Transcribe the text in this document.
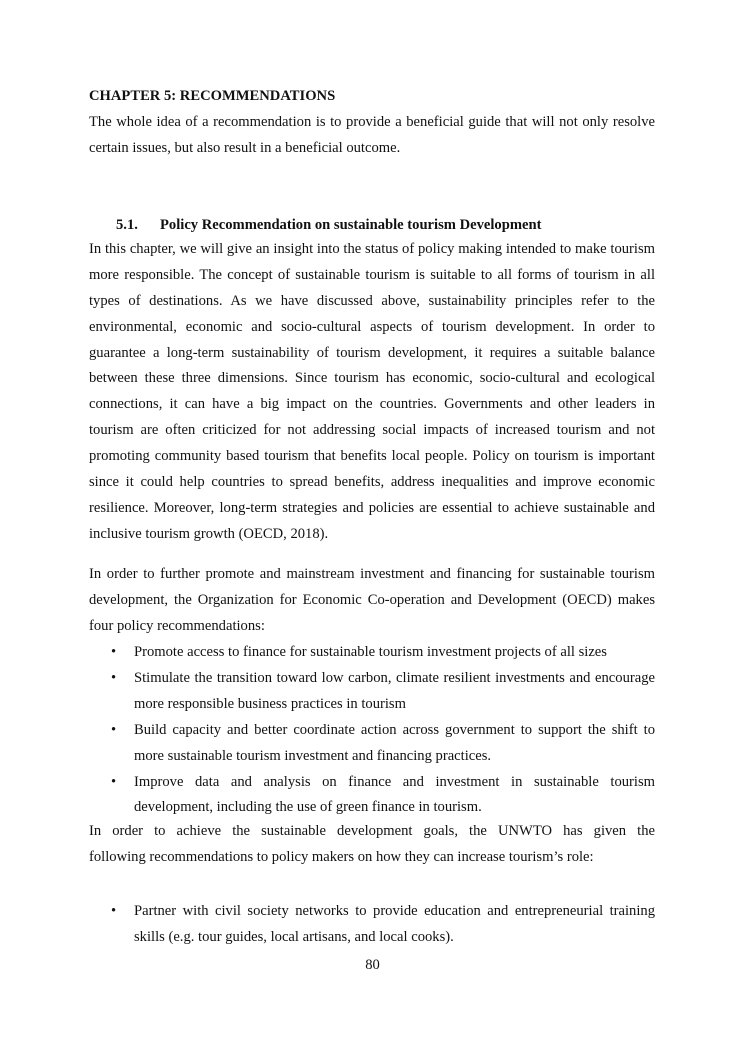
CHAPTER 5: RECOMMENDATIONS
The whole idea of a recommendation is to provide a beneficial guide that will not only resolve
certain issues, but also result in a beneficial outcome.
5.1. Policy Recommendation on sustainable tourism Development
In this chapter, we will give an insight into the status of policy making intended to make tourism
more responsible. The concept of sustainable tourism is suitable to all forms of tourism in all
types of destinations. As we have discussed above, sustainability principles refer to the
environmental, economic and socio-cultural aspects of tourism development. In order to
guarantee a long-term sustainability of tourism development, it requires a suitable balance
between these three dimensions. Since tourism has economic, socio-cultural and ecological
connections, it can have a big impact on the countries. Governments and other leaders in
tourism are often criticized for not addressing social impacts of increased tourism and not
promoting community based tourism that benefits local people. Policy on tourism is important
since it could help countries to spread benefits, address inequalities and improve economic
resilience. Moreover, long-term strategies and policies are essential to achieve sustainable and
inclusive tourism growth (OECD, 2018).
In order to further promote and mainstream investment and financing for sustainable tourism
development, the Organization for Economic Co-operation and Development (OECD) makes
four policy recommendations:
• Promote access to finance for sustainable tourism investment projects of all sizes
• Stimulate the transition toward low carbon, climate resilient investments and encourage
more responsible business practices in tourism
• Build capacity and better coordinate action across government to support the shift to
more sustainable tourism investment and financing practices.
• Improve data and analysis on finance and investment in sustainable tourism
development, including the use of green finance in tourism.
In order to achieve the sustainable development goals, the UNWTO has given the
following recommendations to policy makers on how they can increase tourism’s role:
• Partner with civil society networks to provide education and entrepreneurial training
skills (e.g. tour guides, local artisans, and local cooks).
80
